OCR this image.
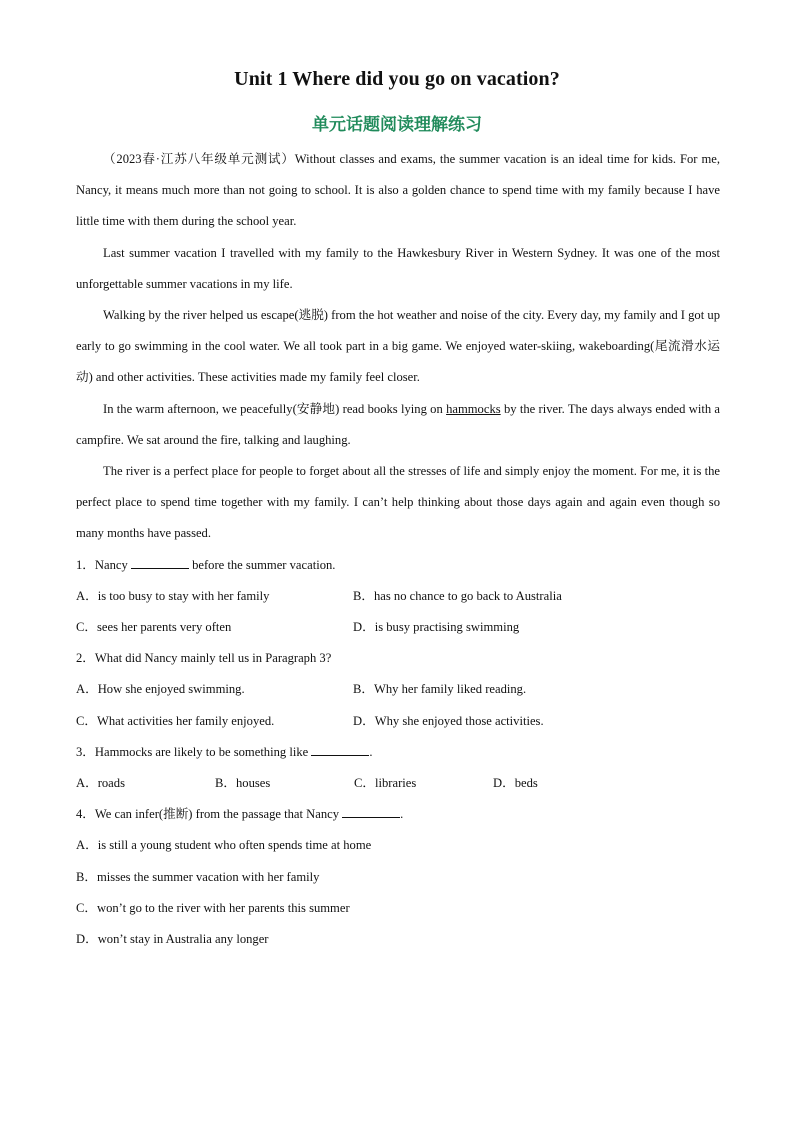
Unit 1 Where did you go on vacation?
单元话题阅读理解练习

（2023春·江苏八年级单元测试）Without classes and exams, the summer vacation is an ideal time for kids. For me, Nancy, it means much more than not going to school. It is also a golden chance to spend time with my family because I have little time with them during the school year.

Last summer vacation I travelled with my family to the Hawkesbury River in Western Sydney. It was one of the most unforgettable summer vacations in my life.

Walking by the river helped us escape(逃脱) from the hot weather and noise of the city. Every day, my family and I got up early to go swimming in the cool water. We all took part in a big game. We enjoyed water-skiing, wakeboarding(尾流滑水运动) and other activities. These activities made my family feel closer.

In the warm afternoon, we peacefully(安静地) read books lying on hammocks by the river. The days always ended with a campfire. We sat around the fire, talking and laughing.

The river is a perfect place for people to forget about all the stresses of life and simply enjoy the moment. For me, it is the perfect place to spend time together with my family. I can’t help thinking about those days again and again even though so many months have passed.

1．Nancy	before the summer vacation.

A．is too busy to stay with her family	B．has no chance to go back to Australia
C．sees her parents very often	D．is busy practising swimming

2．What did Nancy mainly tell us in Paragraph 3?

A．How she enjoyed swimming.	B．Why her family liked reading.
C．What activities her family enjoyed.	D．Why she enjoyed those activities.

3．Hammocks are likely to be something like	.

A．roads	B．houses	C．libraries	D．beds

4．We can infer(推断) from the passage that Nancy	.

A．is still a young student who often spends time at home

B．misses the summer vacation with her family

C．won’t go to the river with her parents this summer

D．won’t stay in Australia any longer
